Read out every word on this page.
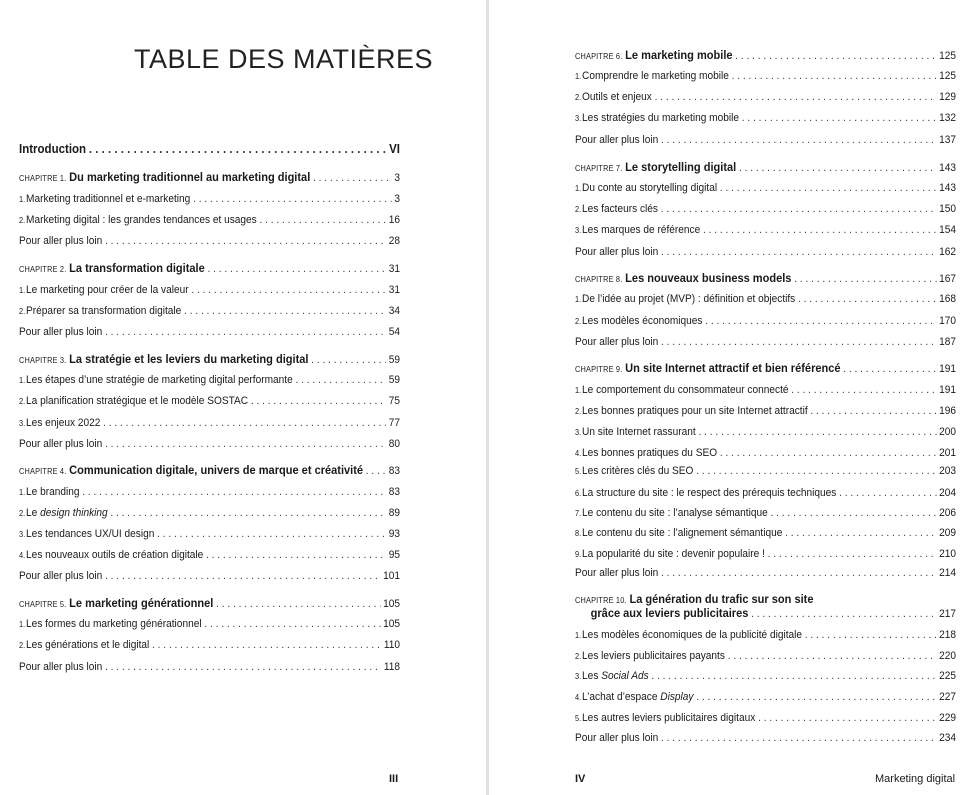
TABLE DES MATIÈRES
Introduction . . .	VI
CHAPITRE 1. Du marketing traditionnel au marketing digital . . .	3
1. Marketing traditionnel et e-marketing . . .	3
2. Marketing digital : les grandes tendances et usages . . .	16
Pour aller plus loin . . .	28
CHAPITRE 2. La transformation digitale . . .	31
1. Le marketing pour créer de la valeur . . .	31
2. Préparer sa transformation digitale . . .	34
Pour aller plus loin . . .	54
CHAPITRE 3. La stratégie et les leviers du marketing digital . . .	59
1. Les étapes d’une stratégie de marketing digital performante . . .	59
2. La planification stratégique et le modèle SOSTAC . . .	75
3. Les enjeux 2022 . . .	77
Pour aller plus loin . . .	80
CHAPITRE 4. Communication digitale, univers de marque et créativité . . . 83
1. Le branding . . .	83
2. Le design thinking . . .	89
3. Les tendances UX/UI design . . .	93
4. Les nouveaux outils de création digitale . . .	95
Pour aller plus loin . . .	101
CHAPITRE 5. Le marketing générationnel . . .	105
1. Les formes du marketing générationnel . . .	105
2. Les générations et le digital . . .	110
Pour aller plus loin . . .	118
III
CHAPITRE 6. Le marketing mobile . . .	125
1. Comprendre le marketing mobile . . .	125
2. Outils et enjeux . . .	129
3. Les stratégies du marketing mobile . . .	132
Pour aller plus loin . . .	137
CHAPITRE 7. Le storytelling digital . . .	143
1. Du conte au storytelling digital . . .	143
2. Les facteurs clés . . .	150
3. Les marques de référence . . .	154
Pour aller plus loin . . .	162
CHAPITRE 8. Les nouveaux business models . . .	167
1. De l’idée au projet (MVP) : définition et objectifs . . .	168
2. Les modèles économiques . . .	170
Pour aller plus loin . . .	187
CHAPITRE 9. Un site Internet attractif et bien référencé . . .	191
1. Le comportement du consommateur connecté . . .	191
2. Les bonnes pratiques pour un site Internet attractif . . .	196
3. Un site Internet rassurant . . .	200
4. Les bonnes pratiques du SEO . . .	201
5. Les critères clés du SEO . . .	203
6. La structure du site : le respect des prérequis techniques . . .	204
7. Le contenu du site : l’analyse sémantique . . .	206
8. Le contenu du site : l’alignement sémantique . . .	209
9. La popularité du site : devenir populaire ! . . .	210
Pour aller plus loin . . .	214
CHAPITRE 10. La génération du trafic sur son site
grâce aux leviers publicitaires . . .	217
1. Les modèles économiques de la publicité digitale . . .	218
2. Les leviers publicitaires payants . . .	220
3. Les Social Ads . . .	225
4. L’achat d’espace Display . . .	227
5. Les autres leviers publicitaires digitaux . . .	229
Pour aller plus loin . . .	234
IV	Marketing digital
